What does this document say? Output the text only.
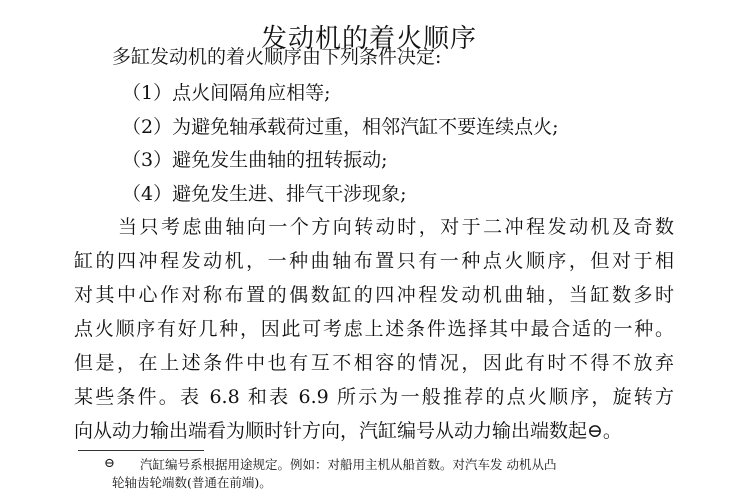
发动机的着火顺序
多缸发动机的着火顺序由下列条件决定:
（1）点火间隔角应相等;
（2）为避免轴承载荷过重，相邻汽缸不要连续点火;
（3）避免发生曲轴的扭转振动;
（4）避免发生进、排气干涉现象;
当只考虑曲轴向一个方向转动时，对于二冲程发动机及奇数
缸的四冲程发动机，一种曲轴布置只有一种点火顺序，但对于相
对其中心作对称布置的偶数缸的四冲程发动机曲轴，当缸数多时
点火顺序有好几种，因此可考虑上述条件选择其中最合适的一种。
但是，在上述条件中也有互不相容的情况，因此有时不得不放弃
某些条件。表 6.8 和表 6.9 所示为一般推荐的点火顺序，旋转方
向从动力输出端看为顺时针方向，汽缸编号从动力输出端数起⊖。
⊖ 汽缸编号系根据用途规定。例如：对船用主机从船首数。对汽车发 动机从凸
轮轴齿轮端数(普通在前端)。
